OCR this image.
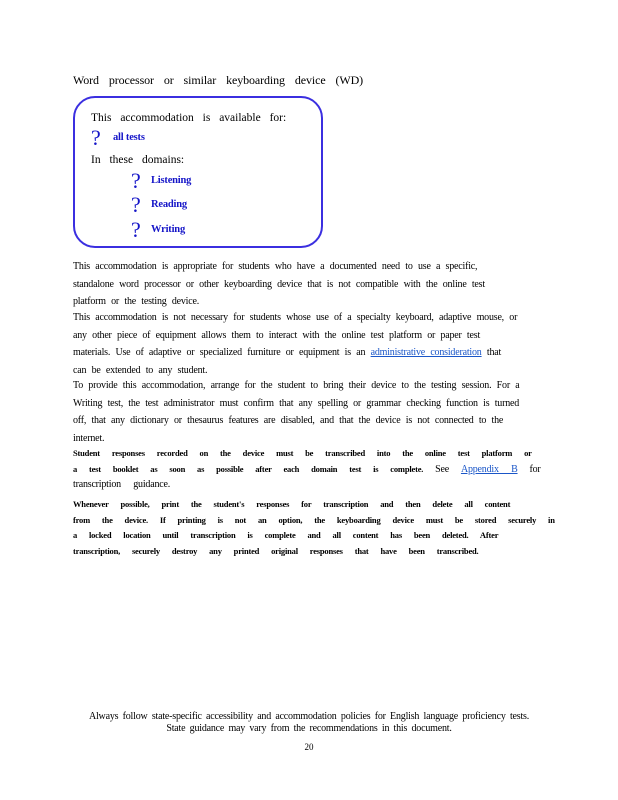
Word processor or similar keyboarding device (WD)
This accommodation is available for:
? all tests
In these domains:
? Listening
? Reading
? Writing
This accommodation is appropriate for students who have a documented need to use a specific,
standalone word processor or other keyboarding device that is not compatible with the online test
platform or the testing device.
This accommodation is not necessary for students whose use of a specialty keyboard, adaptive mouse, or
any other piece of equipment allows them to interact with the online test platform or paper test
materials. Use of adaptive or specialized furniture or equipment is an administrative consideration that
can be extended to any student.
To provide this accommodation, arrange for the student to bring their device to the testing session. For a
Writing test, the test administrator must confirm that any spelling or grammar checking function is turned
off, that any dictionary or thesaurus features are disabled, and that the device is not connected to the
internet.
Student responses recorded on the device must be transcribed into the online test platform or
a test booklet as soon as possible after each domain test is complete. See Appendix B for
transcription guidance.
Whenever possible, print the student's responses for transcription and then delete all content
from the device. If printing is not an option, the keyboarding device must be stored securely in
a locked location until transcription is complete and all content has been deleted. After
transcription, securely destroy any printed original responses that have been transcribed.
Always follow state-specific accessibility and accommodation policies for English language proficiency tests.
State guidance may vary from the recommendations in this document.
20
